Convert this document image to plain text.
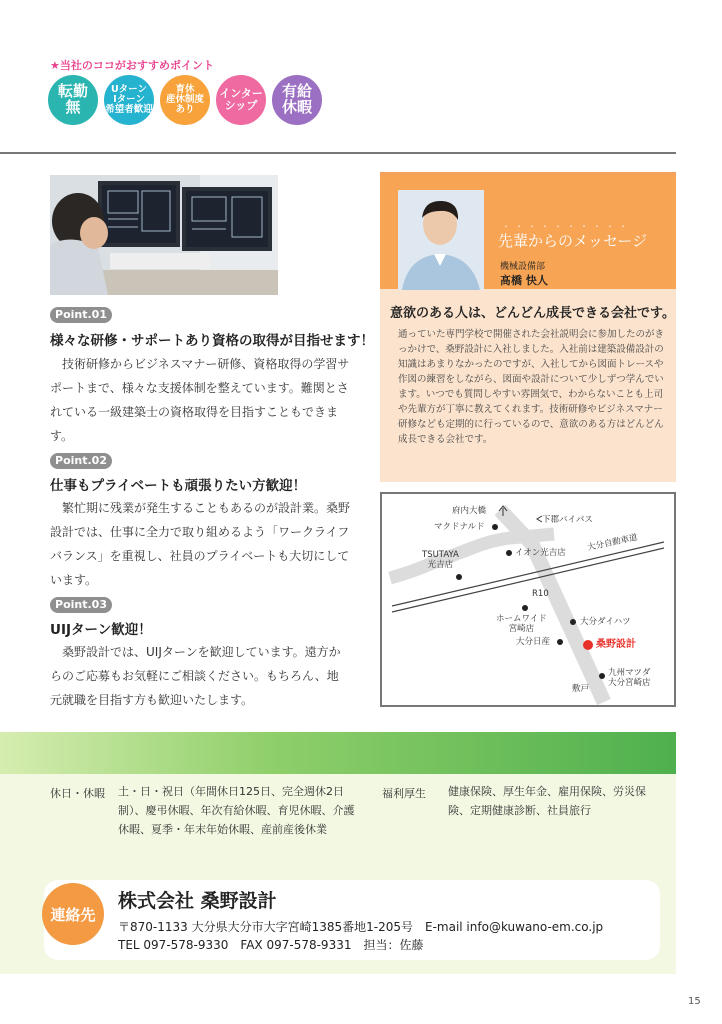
★当社のココがおすすめポイント
転勤
無
Uターン
Iターン
希望者歓迎
育休
産休制度
あり
インター
シップ
有給
休暇
Point.01
様々な研修・サポートあり資格の取得が目指せます！
技術研修からビジネスマナー研修、資格取得の学習サポートまで、様々な支援体制を整えています。難関とされている一級建築士の資格取得を目指すこともできます。
Point.02
仕事もプライベートも頑張りたい方歓迎！
繁忙期に残業が発生することもあるのが設計業。桑野設計では、仕事に全力で取り組めるよう「ワークライフバランス」を重視し、社員のプライベートも大切にしています。
Point.03
UIJターン歓迎！
桑野設計では、UIJターンを歓迎しています。遠方からのご応募もお気軽にご相談ください。もちろん、地元就職を目指す方も歓迎いたします。
・・・・・・・・・・
先輩からのメッセージ
機械設備部
髙橋 快人
意欲のある人は、どんどん成長できる会社です。
通っていた専門学校で開催された会社説明会に参加したのがきっかけで、桑野設計に入社しました。入社前は建築設備設計の知識はあまりなかったのですが、入社してから図面トレースや作図の練習をしながら、図面や設計について少しずつ学んでいます。いつでも質問しやすい雰囲気で、わからないことも上司や先輩方が丁寧に教えてくれます。技術研修やビジネスマナー研修なども定期的に行っているので、意欲のある方はどんどん成長できる会社です。
府内大橋
マクドナルド
下郡バイパス
TSUTAYA
光吉店
イオン光吉店 大分自動車道
R10
ホームワイド
宮崎店
大分ダイハツ
大分日産	桑野設計
九州マツダ
大分宮崎店
敷戸
休日・休暇 土・日・祝日（年間休日125日、完全週休2日制）、慶弔休暇、年次有給休暇、育児休暇、介護休暇、夏季・年末年始休暇、産前産後休業
福利厚生 健康保険、厚生年金、雇用保険、労災保険、定期健康診断、社員旅行
連絡先
株式会社 桑野設計
〒870-1133 大分県大分市大字宮崎1385番地1-205号　E-mail info@kuwano-em.co.jp
TEL 097-578-9330　FAX 097-578-9331　担当：佐藤
15
